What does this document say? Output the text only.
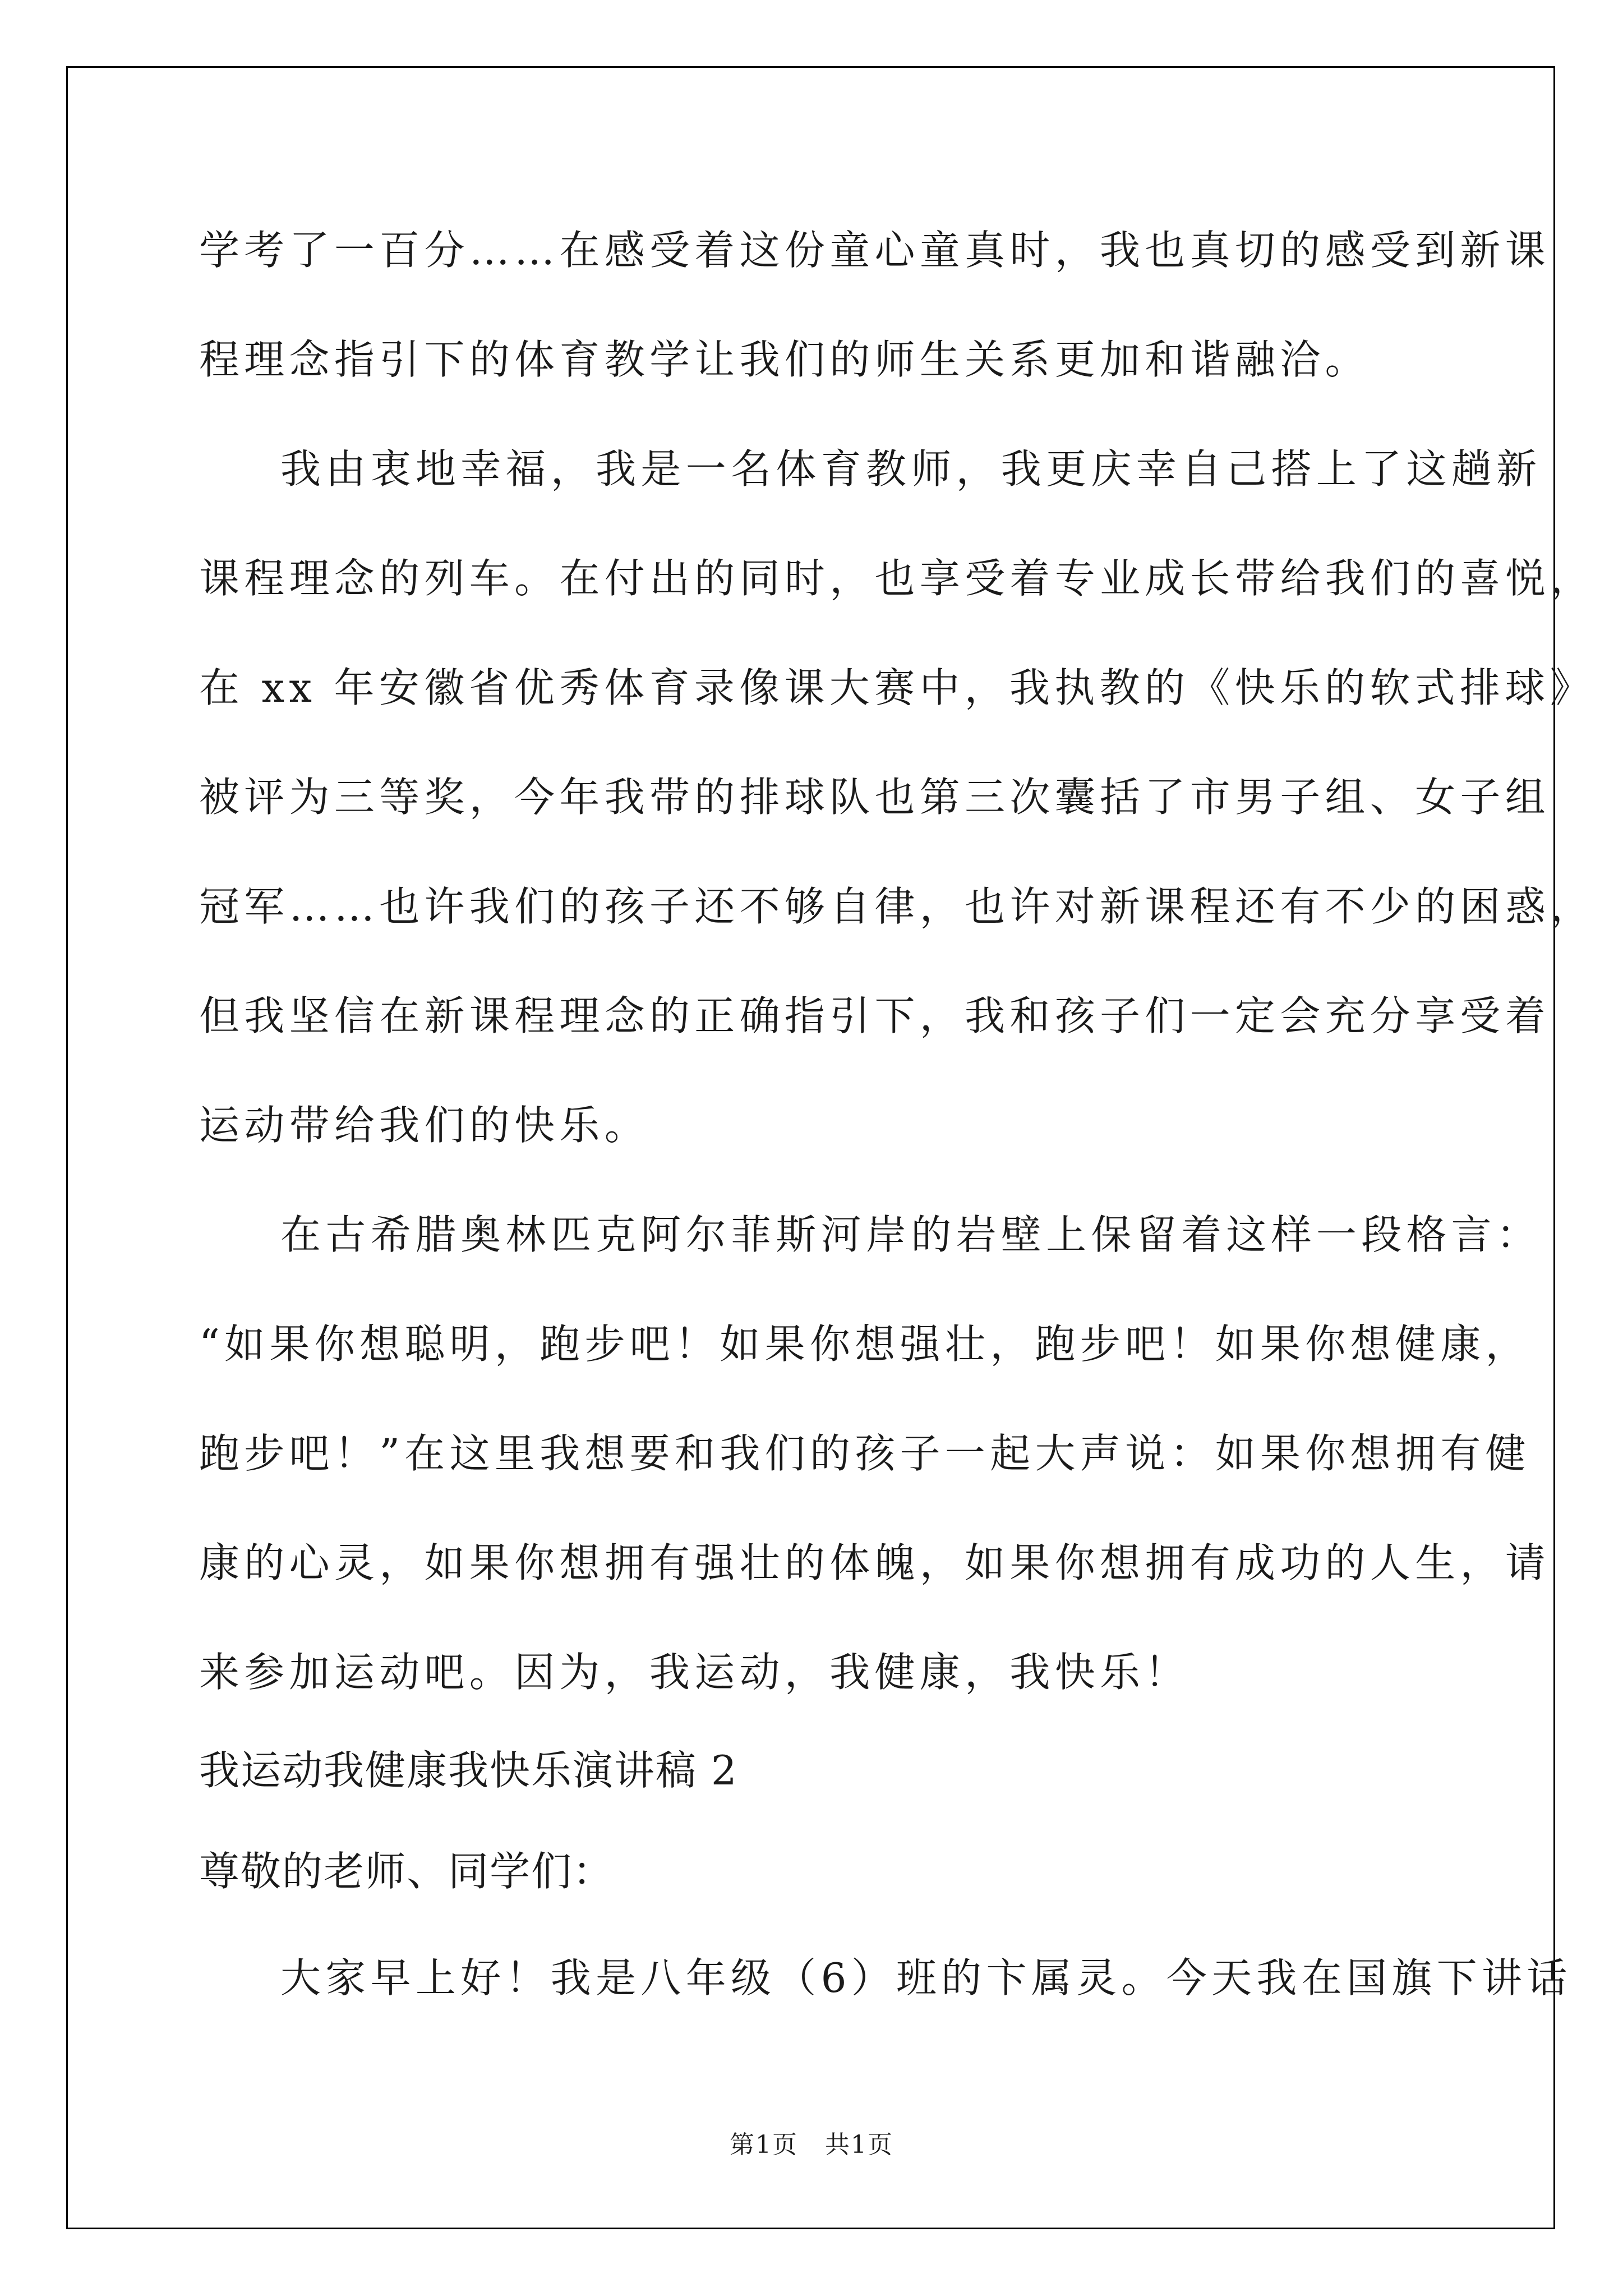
学考了一百分……在感受着这份童心童真时，我也真切的感受到新课
程理念指引下的体育教学让我们的师生关系更加和谐融洽。
我由衷地幸福，我是一名体育教师，我更庆幸自己搭上了这趟新
课程理念的列车。在付出的同时，也享受着专业成长带给我们的喜悦，
在 xx 年安徽省优秀体育录像课大赛中，我执教的《快乐的软式排球》
被评为三等奖，今年我带的排球队也第三次囊括了市男子组、女子组
冠军……也许我们的孩子还不够自律，也许对新课程还有不少的困惑，
但我坚信在新课程理念的正确指引下，我和孩子们一定会充分享受着
运动带给我们的快乐。
在古希腊奥林匹克阿尔菲斯河岸的岩壁上保留着这样一段格言：
“如果你想聪明，跑步吧！如果你想强壮，跑步吧！如果你想健康，
跑步吧！”在这里我想要和我们的孩子一起大声说：如果你想拥有健
康的心灵，如果你想拥有强壮的体魄，如果你想拥有成功的人生，请
来参加运动吧。因为，我运动，我健康，我快乐！
我运动我健康我快乐演讲稿 2
尊敬的老师、同学们：
大家早上好！我是八年级（6）班的卞属灵。今天我在国旗下讲话
第1页 共1页
